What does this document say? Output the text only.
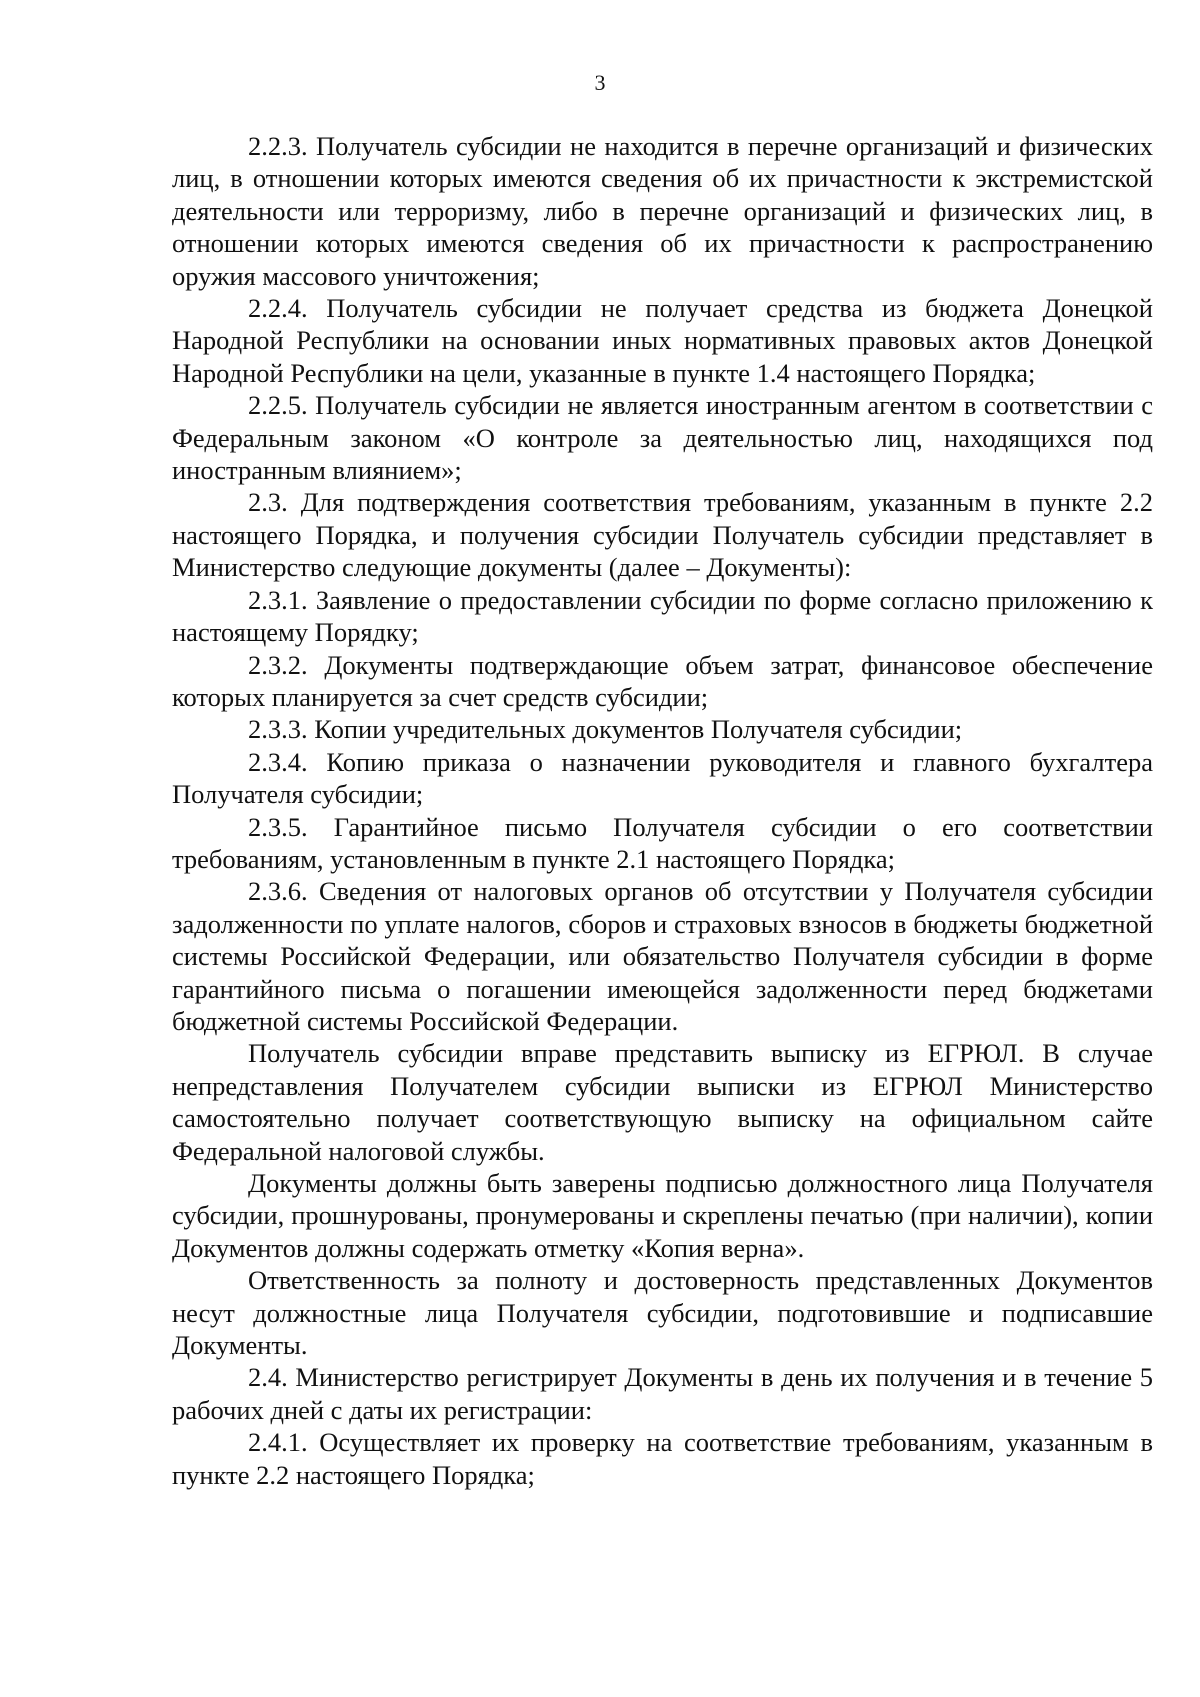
3

2.2.3. Получатель субсидии не находится в перечне организаций и физических лиц, в отношении которых имеются сведения об их причастности к экстремистской деятельности или терроризму, либо в перечне организаций и физических лиц, в отношении которых имеются сведения об их причастности к распространению оружия массового уничтожения;

2.2.4. Получатель субсидии не получает средства из бюджета Донецкой Народной Республики на основании иных нормативных правовых актов Донецкой Народной Республики на цели, указанные в пункте 1.4 настоящего Порядка;

2.2.5. Получатель субсидии не является иностранным агентом в соответствии с Федеральным законом «О контроле за деятельностью лиц, находящихся под иностранным влиянием»;

2.3. Для подтверждения соответствия требованиям, указанным в пункте 2.2 настоящего Порядка, и получения субсидии Получатель субсидии представляет в Министерство следующие документы (далее – Документы):

2.3.1. Заявление о предоставлении субсидии по форме согласно приложению к настоящему Порядку;

2.3.2. Документы подтверждающие объем затрат, финансовое обеспечение которых планируется за счет средств субсидии;

2.3.3. Копии учредительных документов Получателя субсидии;

2.3.4. Копию приказа о назначении руководителя и главного бухгалтера Получателя субсидии;

2.3.5. Гарантийное письмо Получателя субсидии о его соответствии требованиям, установленным в пункте 2.1 настоящего Порядка;

2.3.6. Сведения от налоговых органов об отсутствии у Получателя субсидии задолженности по уплате налогов, сборов и страховых взносов в бюджеты бюджетной системы Российской Федерации, или обязательство Получателя субсидии в форме гарантийного письма о погашении имеющейся задолженности перед бюджетами бюджетной системы Российской Федерации.

Получатель субсидии вправе представить выписку из ЕГРЮЛ. В случае непредставления Получателем субсидии выписки из ЕГРЮЛ Министерство самостоятельно получает соответствующую выписку на официальном сайте Федеральной налоговой службы.

Документы должны быть заверены подписью должностного лица Получателя субсидии, прошнурованы, пронумерованы и скреплены печатью (при наличии), копии Документов должны содержать отметку «Копия верна».

Ответственность за полноту и достоверность представленных Документов несут должностные лица Получателя субсидии, подготовившие и подписавшие Документы.

2.4. Министерство регистрирует Документы в день их получения и в течение 5 рабочих дней с даты их регистрации:

2.4.1. Осуществляет их проверку на соответствие требованиям, указанным в пункте 2.2 настоящего Порядка;
